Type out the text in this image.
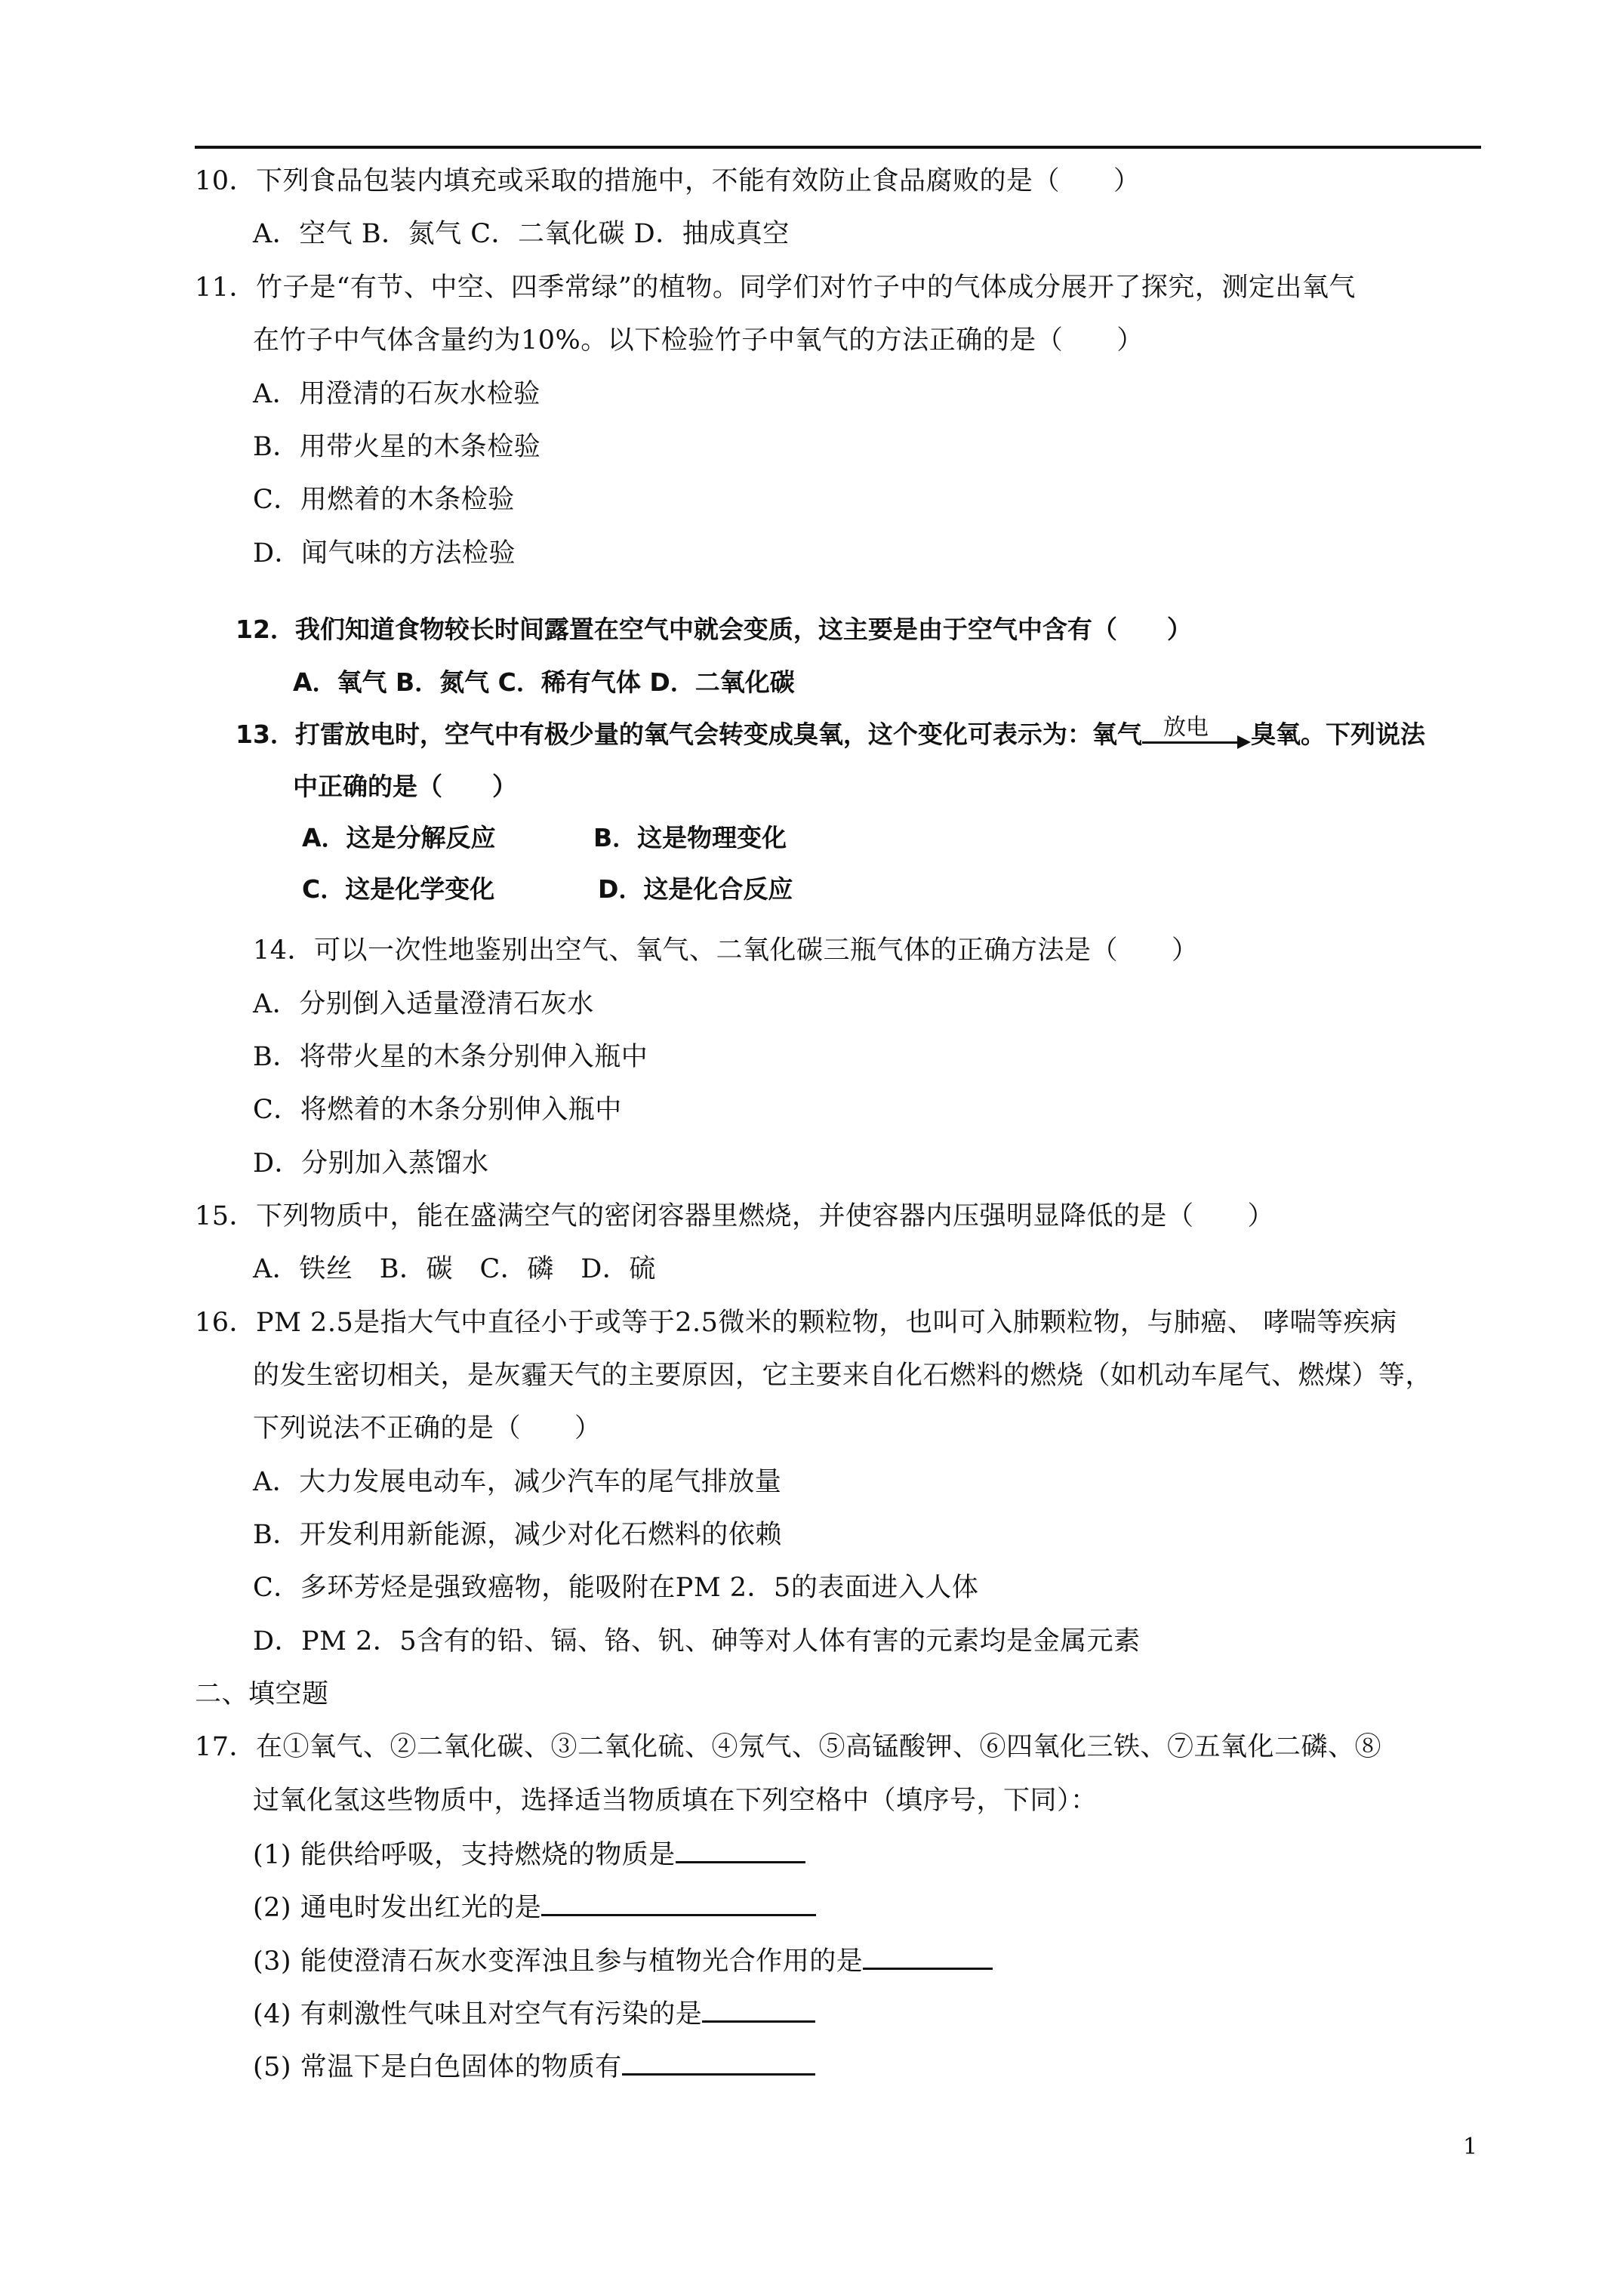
10．下列食品包装内填充或采取的措施中，不能有效防止食品腐败的是（　　）
A．空气 B．氮气 C．二氧化碳 D．抽成真空
11．竹子是“有节、中空、四季常绿”的植物。同学们对竹子中的气体成分展开了探究，测定出氧气
在竹子中气体含量约为10%。以下检验竹子中氧气的方法正确的是（　　）
A．用澄清的石灰水检验
B．用带火星的木条检验
C．用燃着的木条检验
D．闻气味的方法检验
12．我们知道食物较长时间露置在空气中就会变质，这主要是由于空气中含有（　　）
A．氧气 B．氮气 C．稀有气体 D．二氧化碳
13．打雷放电时，空气中有极少量的氧气会转变成臭氧，这个变化可表示为：氧气 放电 臭氧。下列说法
中正确的是（　　）
A．这是分解反应	B．这是物理变化
C．这是化学变化	D．这是化合反应
14．可以一次性地鉴别出空气、氧气、二氧化碳三瓶气体的正确方法是（　　）
A．分别倒入适量澄清石灰水
B．将带火星的木条分别伸入瓶中
C．将燃着的木条分别伸入瓶中
D．分别加入蒸馏水
15．下列物质中，能在盛满空气的密闭容器里燃烧，并使容器内压强明显降低的是（　　）
A．铁丝　B．碳　C．磷　D．硫
16．PM 2.5是指大气中直径小于或等于2.5微米的颗粒物，也叫可入肺颗粒物，与肺癌、 哮喘等疾病
的发生密切相关，是灰霾天气的主要原因，它主要来自化石燃料的燃烧（如机动车尾气、燃煤）等，
下列说法不正确的是（　　）
A．大力发展电动车，减少汽车的尾气排放量
B．开发利用新能源，减少对化石燃料的依赖
C．多环芳烃是强致癌物，能吸附在PM 2．5的表面进入人体
D．PM 2．5含有的铅、镉、铬、钒、砷等对人体有害的元素均是金属元素
二、填空题
17．在①氧气、②二氧化碳、③二氧化硫、④氖气、⑤高锰酸钾、⑥四氧化三铁、⑦五氧化二磷、⑧
过氧化氢这些物质中，选择适当物质填在下列空格中（填序号，下同）：
(1) 能供给呼吸，支持燃烧的物质是
(2) 通电时发出红光的是
(3) 能使澄清石灰水变浑浊且参与植物光合作用的是
(4) 有刺激性气味且对空气有污染的是
(5) 常温下是白色固体的物质有
1
